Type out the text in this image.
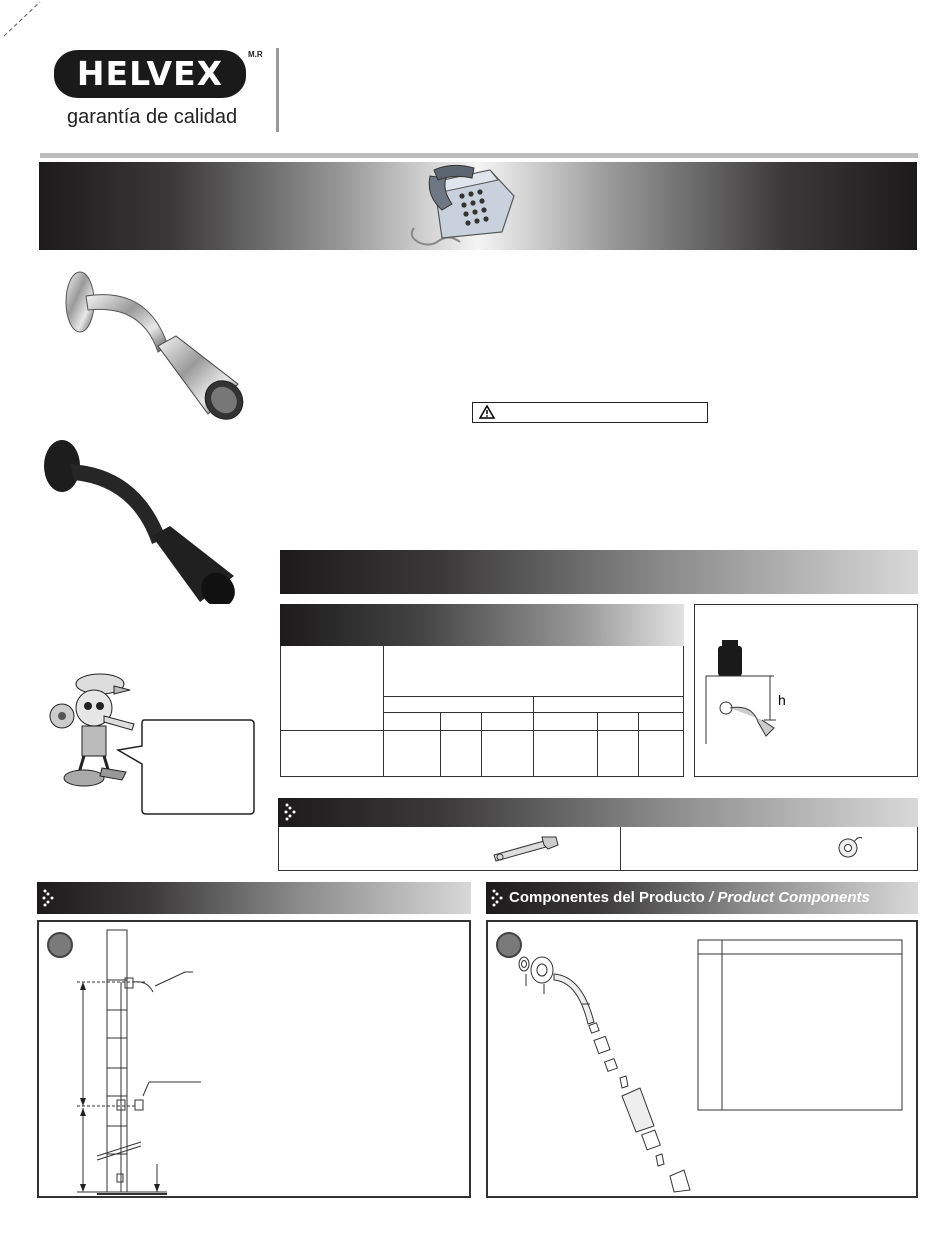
HELVEX	M.R
garantía de calidad
h
Componentes del Producto / Product Components
